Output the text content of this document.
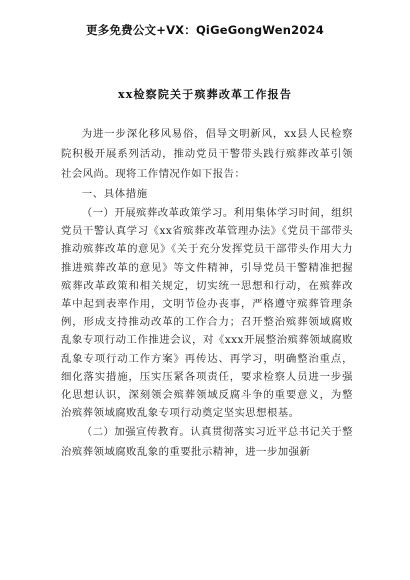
更多免费公文+VX：QiGeGongWen2024
xx检察院关于殡葬改革工作报告

为进一步深化移风易俗，倡导文明新风，xx县人民检察院积极开展系列活动，推动党员干警带头践行殡葬改革引领社会风尚。现将工作情况作如下报告：

一、具体措施

（一）开展殡葬改革政策学习。利用集体学习时间，组织党员干警认真学习《xx省殡葬改革管理办法》《党员干部带头推动殡葬改革的意见》《关于充分发挥党员干部带头作用大力推进殡葬改革的意见》等文件精神，引导党员干警精准把握殡葬改革政策和相关规定，切实统一思想和行动，在殡葬改革中起到表率作用，文明节俭办丧事，严格遵守殡葬管理条例，形成支持推动改革的工作合力；召开整治殡葬领域腐败乱象专项行动工作推进会议，对《xxx开展整治殡葬领域腐败乱象专项行动工作方案》再传达、再学习，明确整治重点，细化落实措施，压实压紧各项责任，要求检察人员进一步强化思想认识，深刻领会殡葬领域反腐斗争的重要意义，为整治殡葬领域腐败乱象专项行动奠定坚实思想根基。

（二）加强宣传教育。认真贯彻落实习近平总书记关于整治殡葬领域腐败乱象的重要批示精神，进一步加强新
